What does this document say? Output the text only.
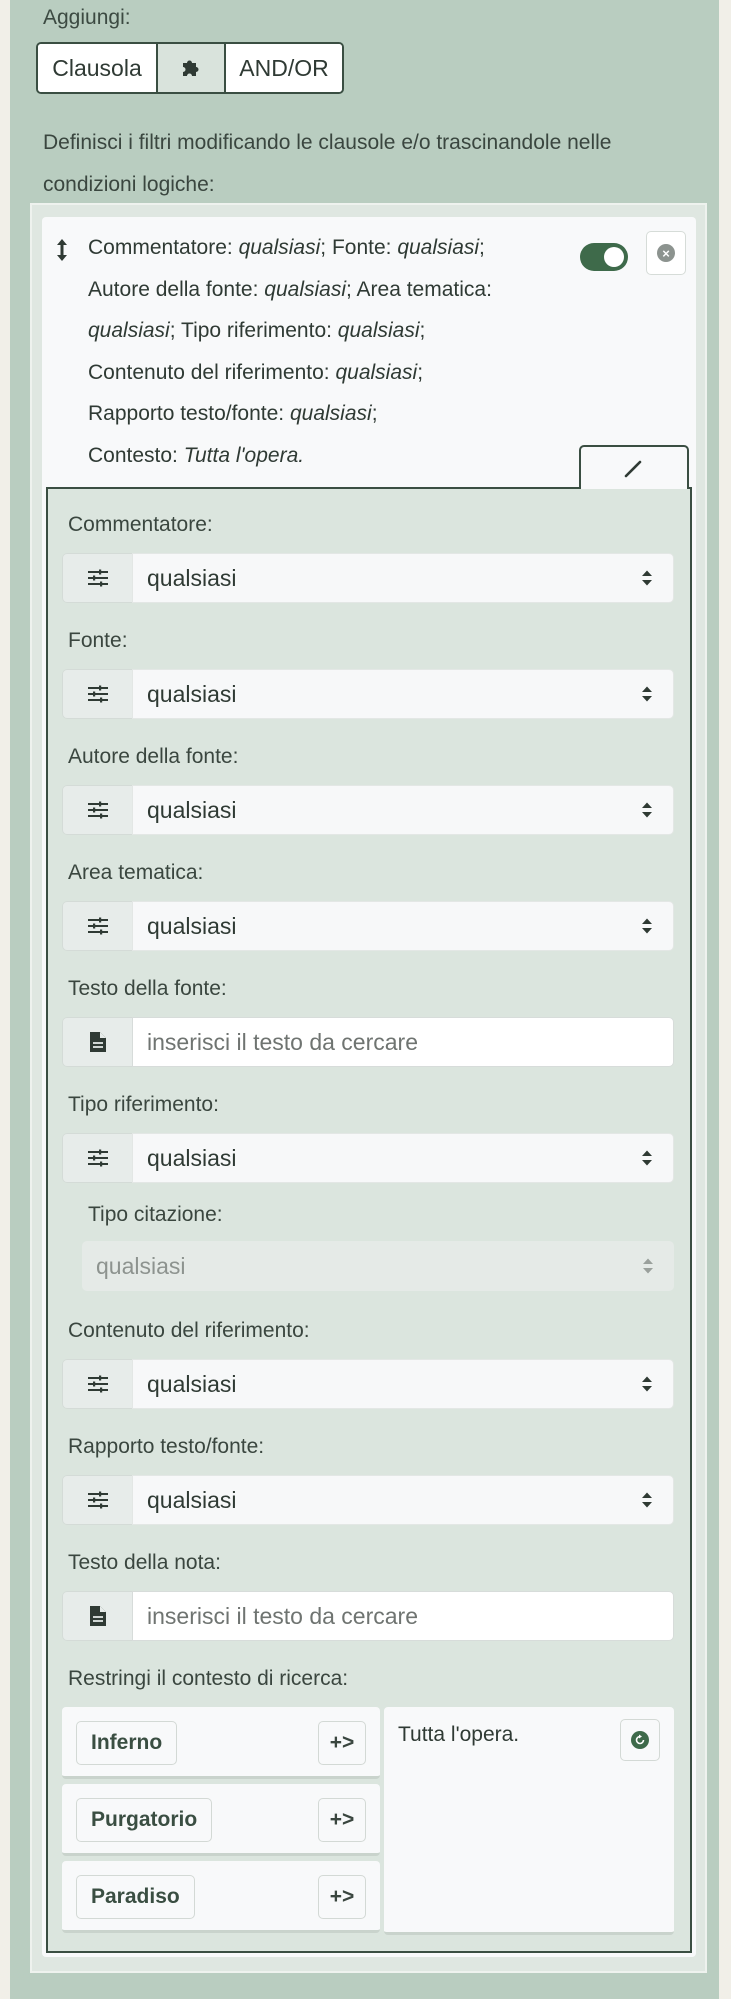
Aggiungi:
Clausola	AND/OR
Definisci i filtri modificando le clausole e/o trascinandole nelle condizioni logiche:
Commentatore: qualsiasi; Fonte: qualsiasi; Autore della fonte: qualsiasi; Area tematica: qualsiasi; Tipo riferimento: qualsiasi;
Contenuto del riferimento: qualsiasi;
Rapporto testo/fonte: qualsiasi;
Contesto: Tutta l'opera.
×
Commentatore:
qualsiasi
Fonte:
qualsiasi
Autore della fonte:
qualsiasi
Area tematica:
qualsiasi
Testo della fonte:
inserisci il testo da cercare
Tipo riferimento:
qualsiasi
Tipo citazione:
qualsiasi
Contenuto del riferimento:
qualsiasi
Rapporto testo/fonte:
qualsiasi
Testo della nota:
inserisci il testo da cercare
Restringi il contesto di ricerca:
Inferno	+>
Purgatorio	+>
Paradiso	+>
Tutta l'opera.
